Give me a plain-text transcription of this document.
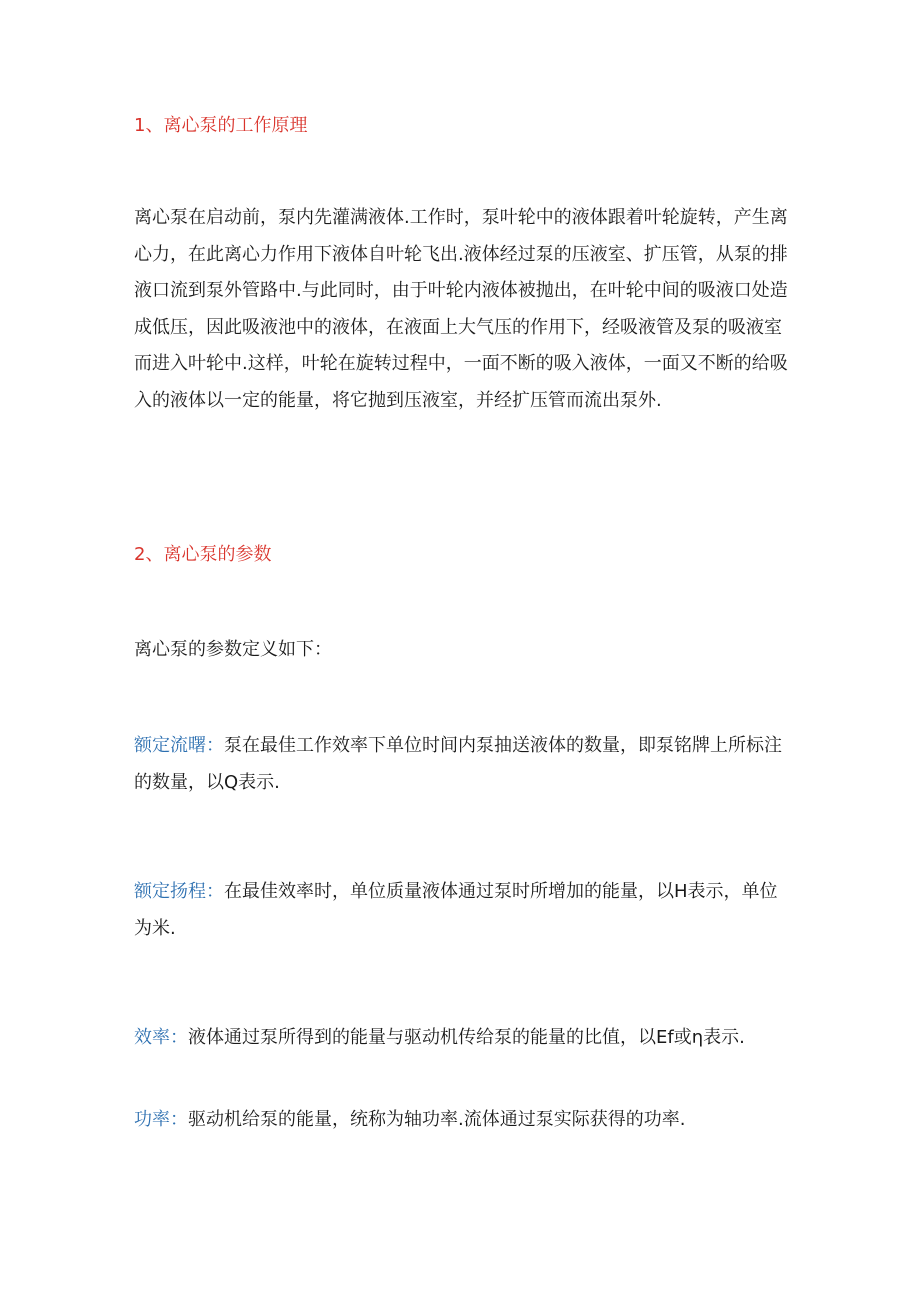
1、离心泵的工作原理
离心泵在启动前，泵内先灌满液体.工作时，泵叶轮中的液体跟着叶轮旋转，产生离心力，在此离心力作用下液体自叶轮飞出.液体经过泵的压液室、扩压管，从泵的排液口流到泵外管路中.与此同时，由于叶轮内液体被抛出，在叶轮中间的吸液口处造成低压，因此吸液池中的液体，在液面上大气压的作用下，经吸液管及泵的吸液室而进入叶轮中.这样，叶轮在旋转过程中，一面不断的吸入液体，一面又不断的给吸入的液体以一定的能量，将它抛到压液室，并经扩压管而流出泵外.
2、离心泵的参数
离心泵的参数定义如下：
额定流曙：泵在最佳工作效率下单位时间内泵抽送液体的数量，即泵铭牌上所标注的数量，以Q表示.
额定扬程：在最佳效率时，单位质量液体通过泵时所增加的能量，以H表示，单位为米.
效率：液体通过泵所得到的能量与驱动机传给泵的能量的比值，以Ef或η表示.
功率：驱动机给泵的能量，统称为轴功率.流体通过泵实际获得的功率.
